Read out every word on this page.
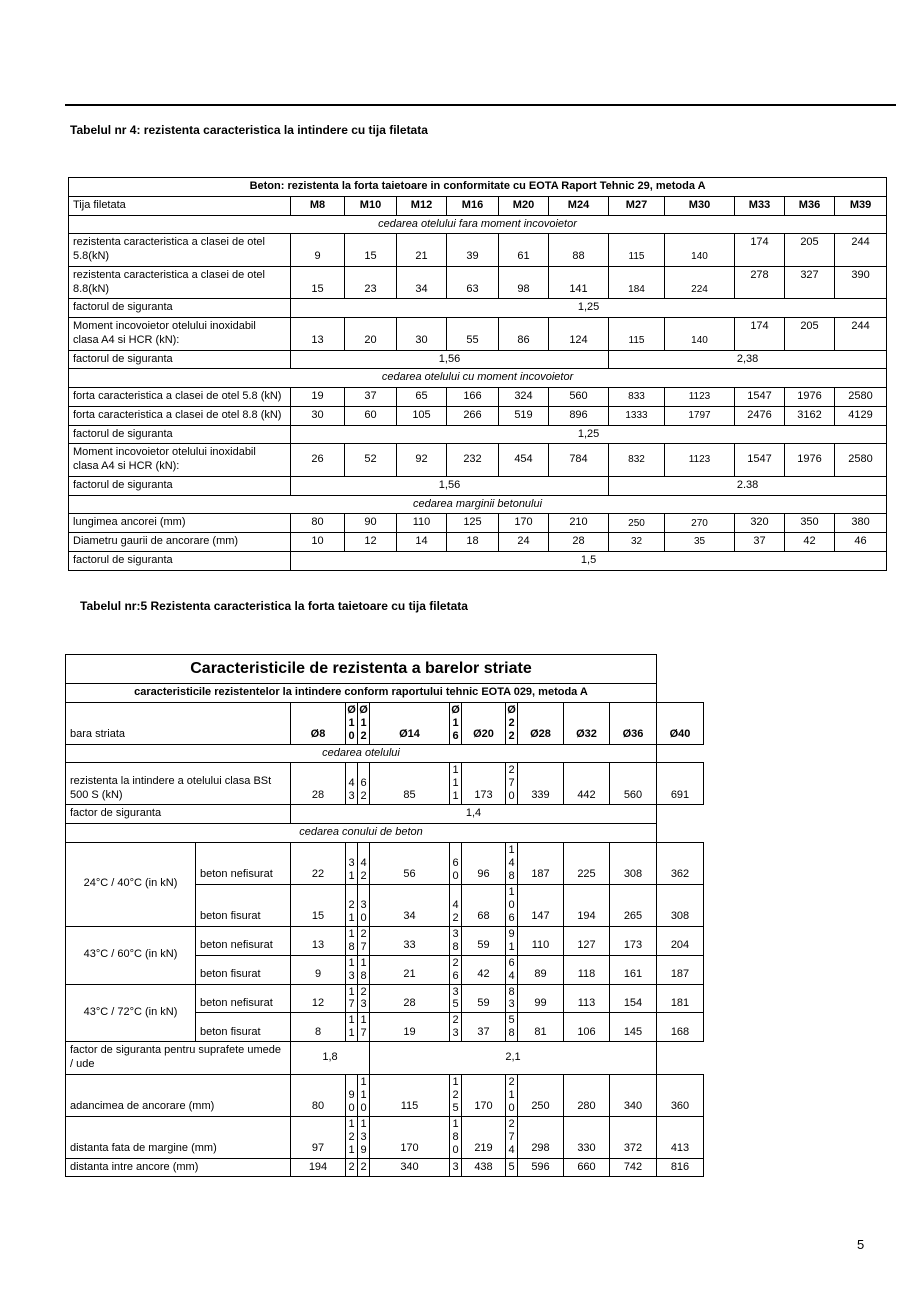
Tabelul nr 4: rezistenta caracteristica la intindere cu tija filetata
Beton: rezistenta la forta taietoare in conformitate cu EOTA Raport Tehnic 29, metoda A											
Tija filetata	M8	M10	M12	M16	M20	M24	M27	M30	M33	M36	M39
cedarea otelului fara moment incovoietor											
rezistenta caracteristica a clasei de otel 5.8(kN)	9	15	21	39	61	88	115	140	174	205	244
rezistenta caracteristica a clasei de otel 8.8(kN)	15	23	34	63	98	141	184	224	278	327	390
factorul de siguranta	1,25										
Moment incovoietor otelului inoxidabil clasa A4 si HCR (kN):	13	20	30	55	86	124	115	140	174	205	244
factorul de siguranta	1,56						2,38				
cedarea otelului cu moment incovoietor											
forta caracteristica a clasei de otel 5.8 (kN)	19	37	65	166	324	560	833	1123	1547	1976	2580
forta caracteristica a clasei de otel 8.8 (kN)	30	60	105	266	519	896	1333	1797	2476	3162	4129
factorul de siguranta	1,25										
Moment incovoietor otelului inoxidabil clasa A4 si HCR (kN):	26	52	92	232	454	784	832	1123	1547	1976	2580
factorul de siguranta	1,56						2.38				
cedarea marginii betonului											
lungimea ancorei (mm)	80	90	110	125	170	210	250	270	320	350	380
Diametru gaurii de ancorare (mm)	10	12	14	18	24	28	32	35	37	42	46
factorul de siguranta	1,5										
Tabelul nr:5 Rezistenta caracteristica la forta taietoare cu tija filetata
Caracteristicile de rezistenta a barelor striate												
caracteristicile rezistentelor la intindere conform raportului tehnic EOTA 029, metoda A												
bara striata		Ø8	Ø10	Ø12	Ø14	Ø16	Ø20	Ø22	Ø28	Ø32	Ø36	Ø40
cedarea otelului												
rezistenta la intindere a otelului clasa BSt 500 S (kN)		28	43	62	85	111	173	270	339	442	560	691
factor de siguranta		1,4										
cedarea conului de beton												
24°C / 40°C (in kN)	beton nefisurat	22	31	42	56	60	96	148	187	225	308	362
	beton fisurat	15	21	30	34	42	68	106	147	194	265	308
43°C / 60°C (in kN)	beton nefisurat	13	18	27	33	38	59	91	110	127	173	204
	beton fisurat	9	13	18	21	26	42	64	89	118	161	187
43°C / 72°C (in kN)	beton nefisurat	12	17	23	28	35	59	83	99	113	154	181
	beton fisurat	8	11	17	19	23	37	58	81	106	145	168
factor de siguranta pentru suprafete umede / ude		1,8			2,1							
adancimea de ancorare (mm)		80	90	110	115	125	170	210	250	280	340	360
distanta fata de margine (mm)		97	121	139	170	180	219	274	298	330	372	413
distanta intre ancore (mm)		194	2	2	340	3	438	5	596	660	742	816
5
